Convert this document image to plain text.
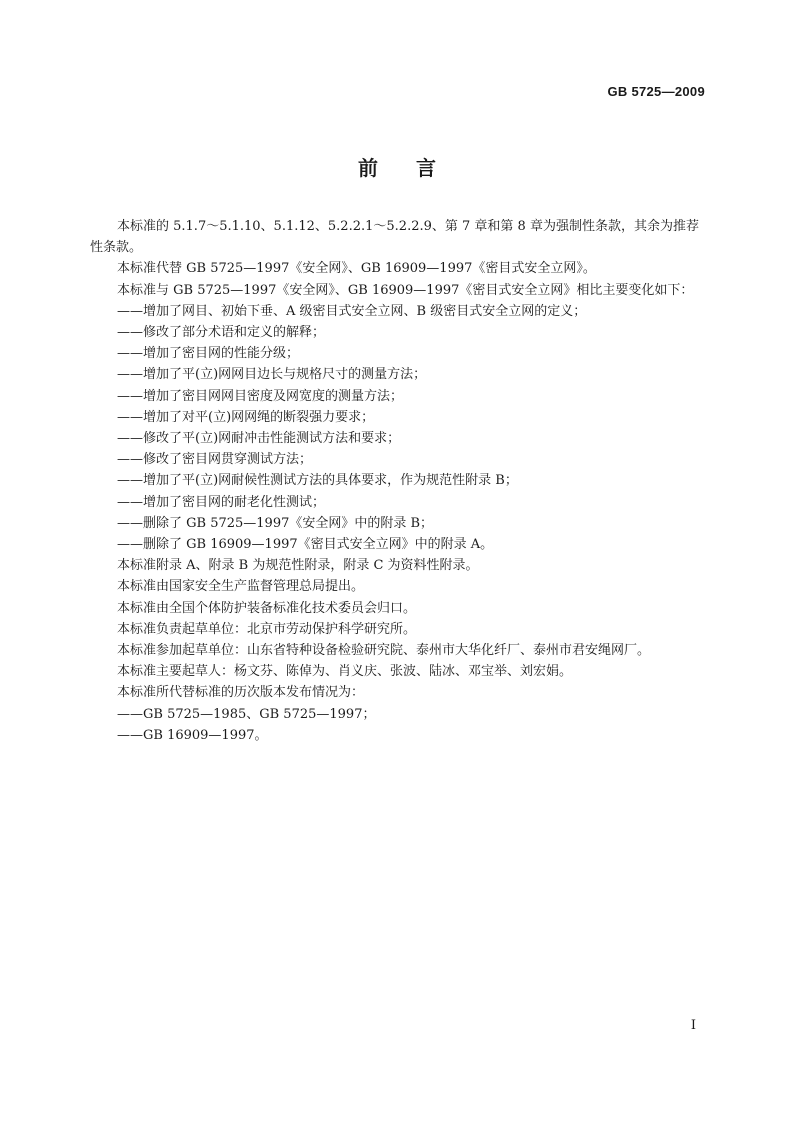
GB 5725—2009
前 言

本标准的 5.1.7～5.1.10、5.1.12、5.2.2.1～5.2.2.9、第 7 章和第 8 章为强制性条款，其余为推荐
性条款。

本标准代替 GB 5725—1997《安全网》、GB 16909—1997《密目式安全立网》。

本标准与 GB 5725—1997《安全网》、GB 16909—1997《密目式安全立网》相比主要变化如下：

——增加了网目、初始下垂、A 级密目式安全立网、B 级密目式安全立网的定义；

——修改了部分术语和定义的解释；

——增加了密目网的性能分级；

——增加了平(立)网网目边长与规格尺寸的测量方法；

——增加了密目网网目密度及网宽度的测量方法；

——增加了对平(立)网网绳的断裂强力要求；

——修改了平(立)网耐冲击性能测试方法和要求；

——修改了密目网贯穿测试方法；

——增加了平(立)网耐候性测试方法的具体要求，作为规范性附录 B；

——增加了密目网的耐老化性测试；

——删除了 GB 5725—1997《安全网》中的附录 B；

——删除了 GB 16909—1997《密目式安全立网》中的附录 A。

本标准附录 A、附录 B 为规范性附录，附录 C 为资料性附录。

本标准由国家安全生产监督管理总局提出。

本标准由全国个体防护装备标准化技术委员会归口。

本标准负责起草单位：北京市劳动保护科学研究所。

本标准参加起草单位：山东省特种设备检验研究院、泰州市大华化纤厂、泰州市君安绳网厂。

本标准主要起草人：杨文芬、陈倬为、肖义庆、张波、陆冰、邓宝举、刘宏娟。

本标准所代替标准的历次版本发布情况为：

——GB 5725—1985、GB 5725—1997；

——GB 16909—1997。

I
